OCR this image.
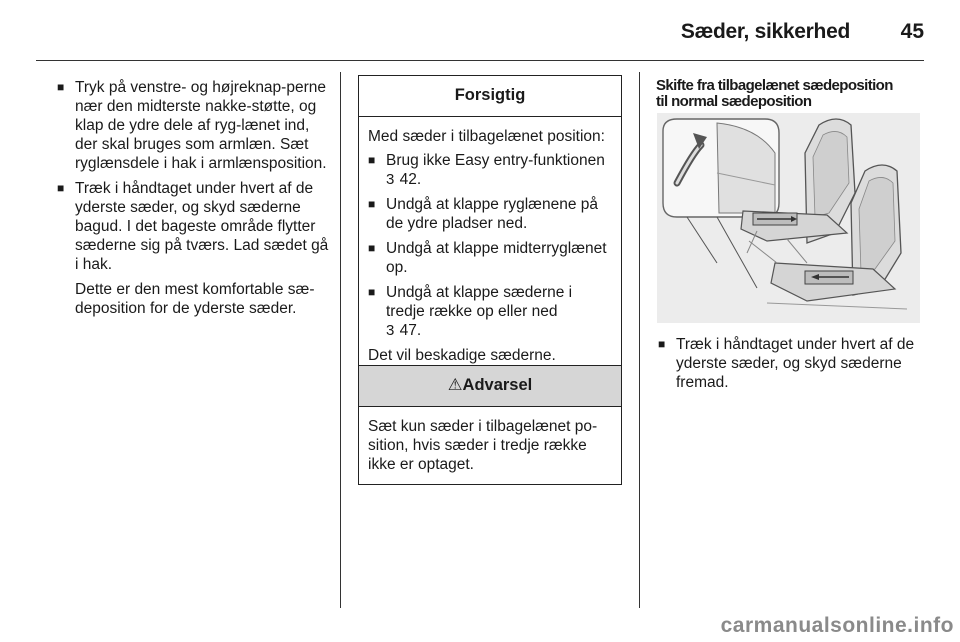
Sæder, sikkerhed 45
■ Tryk på venstre- og højreknap-perne nær den midterste nakke-støtte, og klap de ydre dele af ryg-lænet ind, der skal bruges som armlæn. Sæt ryglænsdele i hak i armlænsposition.
■ Træk i håndtaget under hvert af de yderste sæder, og skyd sæderne bagud. I det bageste område flytter sæderne sig på tværs. Lad sædet gå i hak.

Dette er den mest komfortable sæ-deposition for de yderste sæder.

Forsigtig

Med sæder i tilbagelænet position:

■ Brug ikke Easy entry-funktionen
3 42.
■ Undgå at klappe ryglænene på de ydre pladser ned.
■ Undgå at klappe midterryglænet op.
■ Undgå at klappe sæderne i tredje række op eller ned
3 47.

Det vil beskadige sæderne.

⚠Advarsel

Sæt kun sæder i tilbagelænet po-sition, hvis sæder i tredje række ikke er optaget.

Skifte fra tilbagelænet sædeposition
til normal sædeposition
■ Træk i håndtaget under hvert af de yderste sæder, og skyd sæderne fremad.
carmanualsonline.info
